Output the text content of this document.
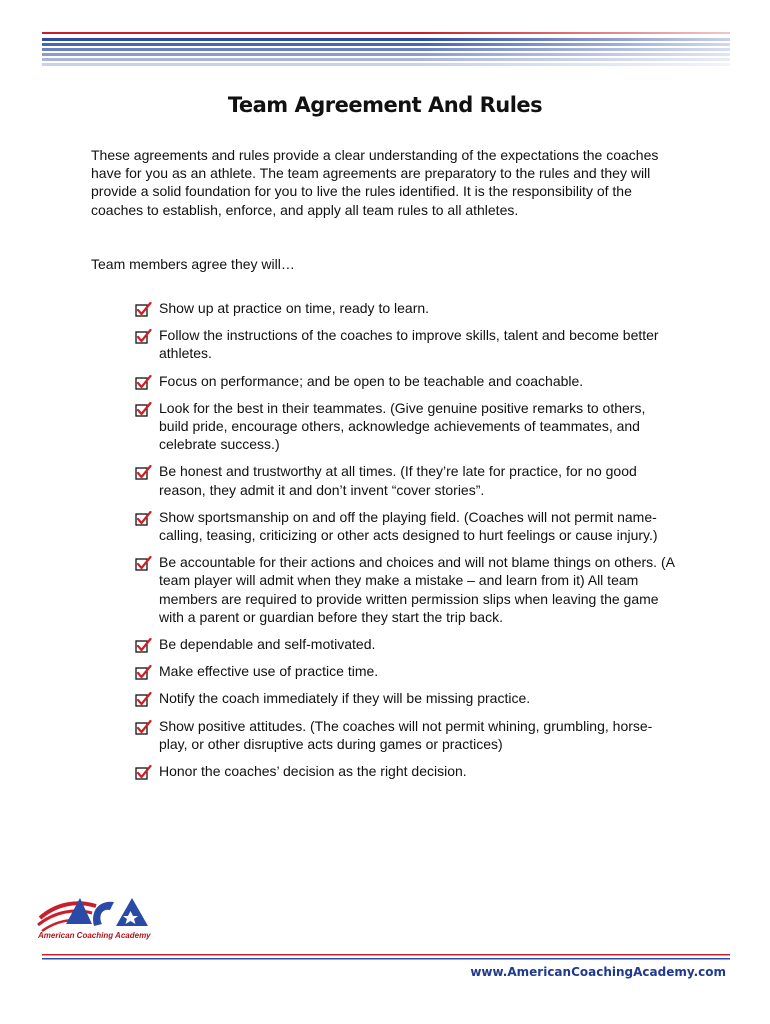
Team Agreement And Rules

These agreements and rules provide a clear understanding of the expectations the coaches have for you as an athlete. The team agreements are preparatory to the rules and they will provide a solid foundation for you to live the rules identified. It is the responsibility of the coaches to establish, enforce, and apply all team rules to all athletes.

Team members agree they will…

Show up at practice on time, ready to learn.
Follow the instructions of the coaches to improve skills, talent and become better athletes.
Focus on performance; and be open to be teachable and coachable.
Look for the best in their teammates. (Give genuine positive remarks to others, build pride, encourage others, acknowledge achievements of teammates, and celebrate success.)
Be honest and trustworthy at all times. (If they’re late for practice, for no good reason, they admit it and don’t invent “cover stories”.
Show sportsmanship on and off the playing field. (Coaches will not permit name-calling, teasing, criticizing or other acts designed to hurt feelings or cause injury.)
Be accountable for their actions and choices and will not blame things on others. (A team player will admit when they make a mistake – and learn from it) All team members are required to provide written permission slips when leaving the game with a parent or guardian before they start the trip back.
Be dependable and self-motivated.
Make effective use of practice time.
Notify the coach immediately if they will be missing practice.
Show positive attitudes. (The coaches will not permit whining, grumbling, horse-play, or other disruptive acts during games or practices)
Honor the coaches’ decision as the right decision.
American Coaching Academy
www.AmericanCoachingAcademy.com
